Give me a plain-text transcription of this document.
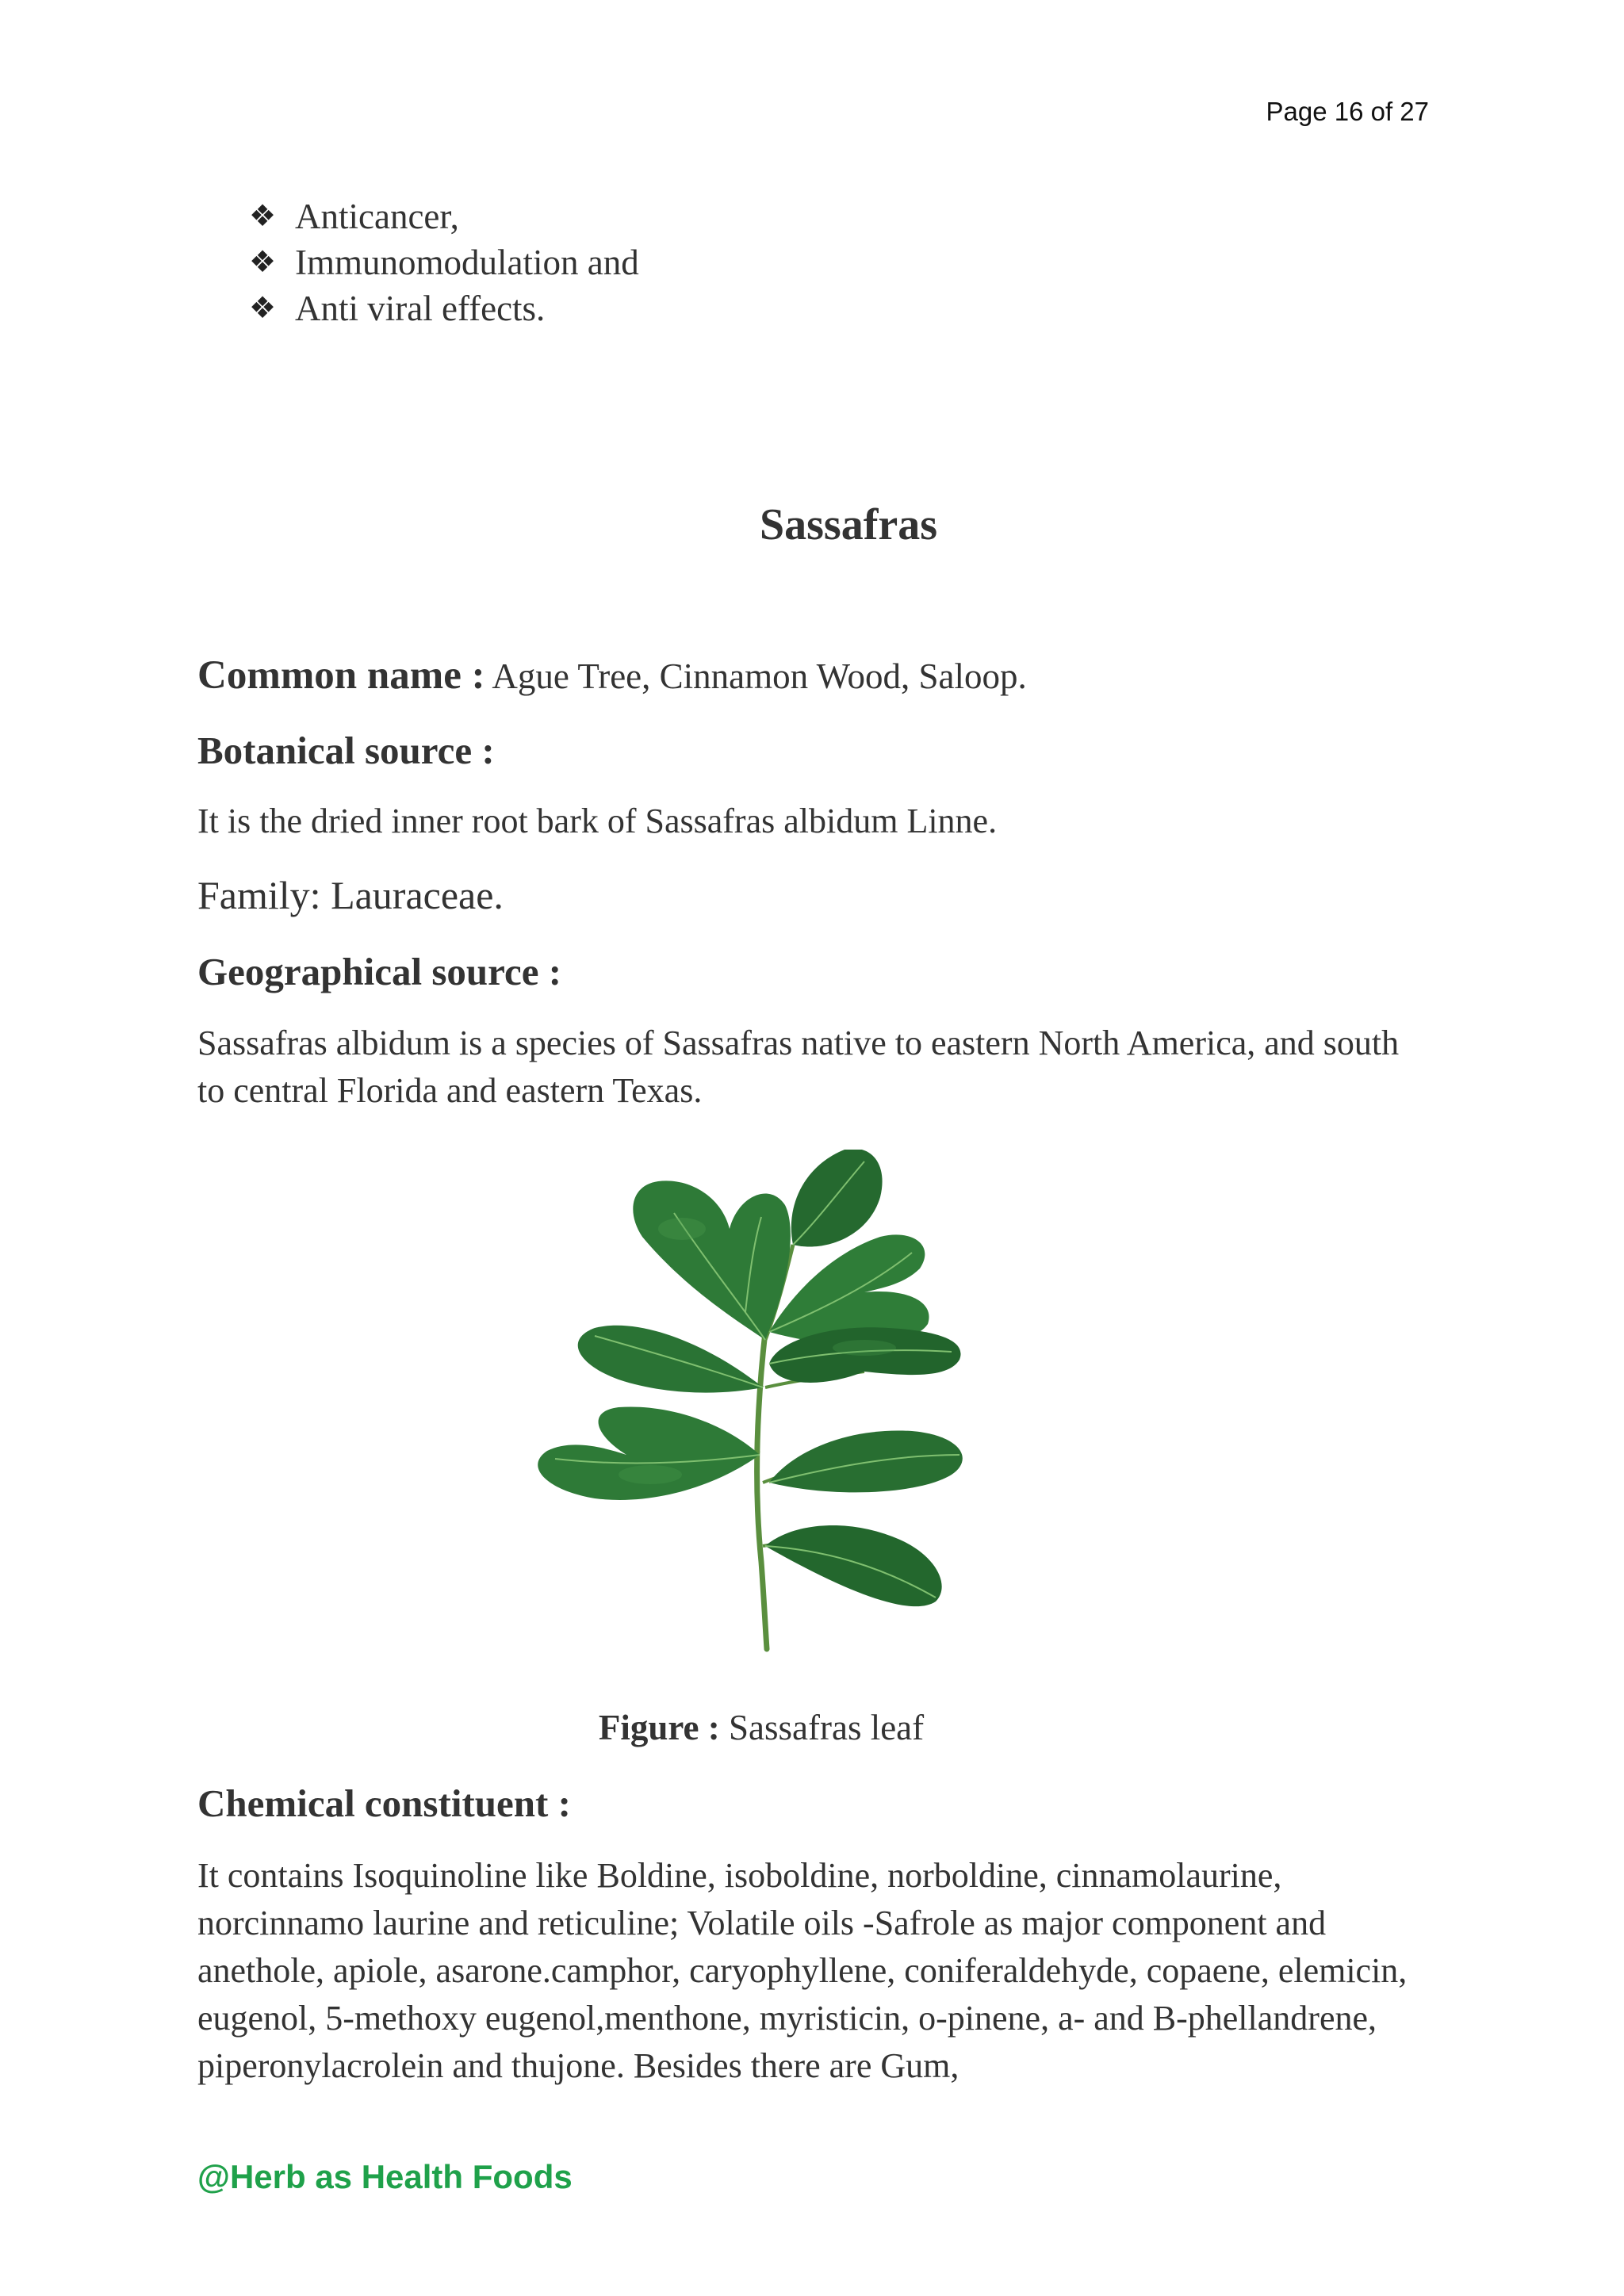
Page 16 of 27
❖ Anticancer,
❖ Immunomodulation and
❖ Anti viral effects.
Sassafras

Common name : Ague Tree, Cinnamon Wood, Saloop.

Botanical source :

It is the dried inner root bark of Sassafras albidum Linne.

Family: Lauraceae.

Geographical source :

Sassafras albidum is a species of Sassafras native to eastern North America, and south to central Florida and eastern Texas.

Figure : Sassafras leaf

Chemical constituent :

It contains Isoquinoline like Boldine, isoboldine, norboldine, cinnamolaurine, norcinnamo laurine and reticuline; Volatile oils -Safrole as major component and anethole, apiole, asarone.camphor, caryophyllene, coniferaldehyde, copaene, elemicin, eugenol, 5-methoxy eugenol,menthone, myristicin, o-pinene, a- and B-phellandrene, piperonylacrolein and thujone. Besides there are Gum,

@Herb as Health Foods
